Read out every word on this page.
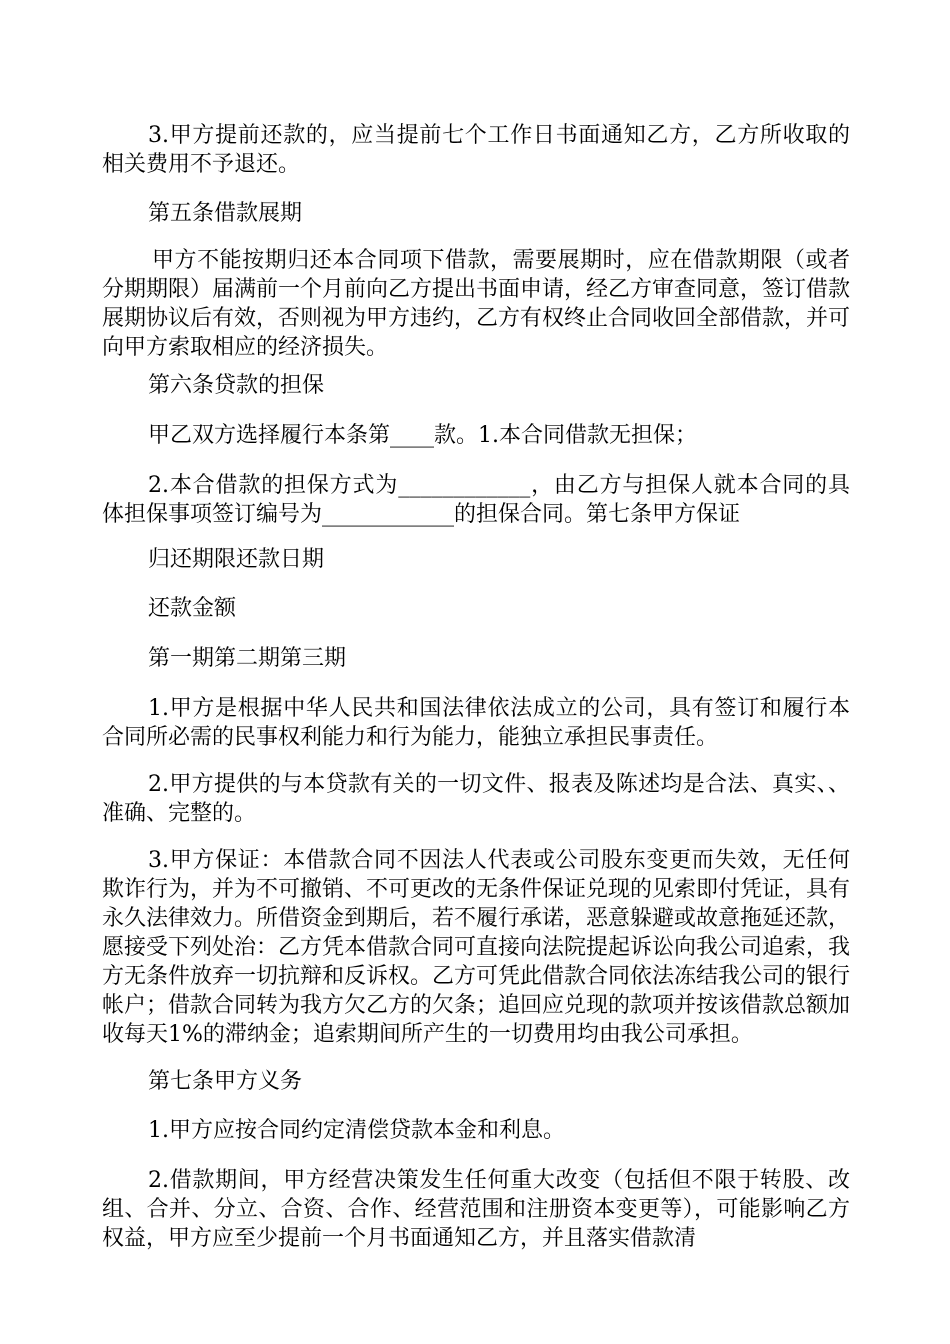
3.甲方提前还款的，应当提前七个工作日书面通知乙方，乙方所收取的相关费用不予退还。

第五条借款展期

甲方不能按期归还本合同项下借款，需要展期时，应在借款期限（或者分期期限）届满前一个月前向乙方提出书面申请，经乙方审查同意，签订借款展期协议后有效，否则视为甲方违约，乙方有权终止合同收回全部借款，并可向甲方索取相应的经济损失。

第六条贷款的担保

甲乙双方选择履行本条第____款。1.本合同借款无担保；

2.本合借款的担保方式为____________，由乙方与担保人就本合同的具体担保事项签订编号为____________的担保合同。第七条甲方保证

归还期限还款日期

还款金额

第一期第二期第三期

1.甲方是根据中华人民共和国法律依法成立的公司，具有签订和履行本合同所必需的民事权利能力和行为能力，能独立承担民事责任。

2.甲方提供的与本贷款有关的一切文件、报表及陈述均是合法、真实、、准确、完整的。

3.甲方保证：本借款合同不因法人代表或公司股东变更而失效，无任何欺诈行为，并为不可撤销、不可更改的无条件保证兑现的见索即付凭证，具有永久法律效力。所借资金到期后，若不履行承诺，恶意躲避或故意拖延还款，愿接受下列处治：乙方凭本借款合同可直接向法院提起诉讼向我公司追索，我方无条件放弃一切抗辩和反诉权。乙方可凭此借款合同依法冻结我公司的银行帐户；借款合同转为我方欠乙方的欠条；追回应兑现的款项并按该借款总额加收每天1%的滞纳金；追索期间所产生的一切费用均由我公司承担。

第七条甲方义务

1.甲方应按合同约定清偿贷款本金和利息。

2.借款期间，甲方经营决策发生任何重大改变（包括但不限于转股、改组、合并、分立、合资、合作、经营范围和注册资本变更等），可能影响乙方权益，甲方应至少提前一个月书面通知乙方，并且落实借款清
